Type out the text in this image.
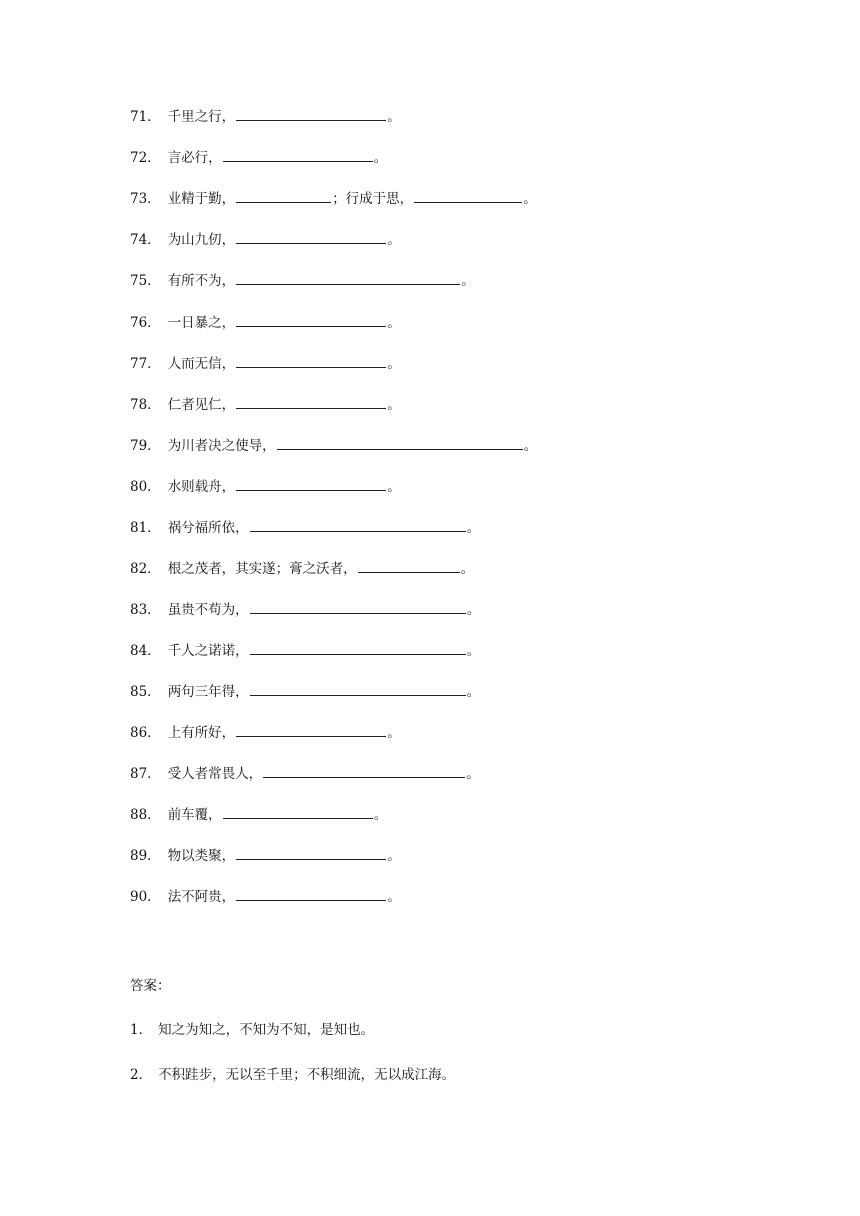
71． 千里之行，	。
72． 言必行，	。
73． 业精于勤，	；行成于思，	。
74． 为山九仞，	。
75． 有所不为，	。
76． 一日暴之，	。
77． 人而无信，	。
78． 仁者见仁，	。
79． 为川者决之使导，	。
80． 水则载舟，	。
81． 祸兮福所依，	。
82． 根之茂者，其实遂；膏之沃者，	。
83． 虽贵不苟为，	。
84． 千人之诺诺，	。
85． 两句三年得，	。
86． 上有所好，	。
87． 受人者常畏人，	。
88． 前车覆，	。
89． 物以类聚，	。
90． 法不阿贵，	。
答案：
1． 知之为知之，不知为不知，是知也。
2． 不积跬步，无以至千里；不积细流，无以成江海。
